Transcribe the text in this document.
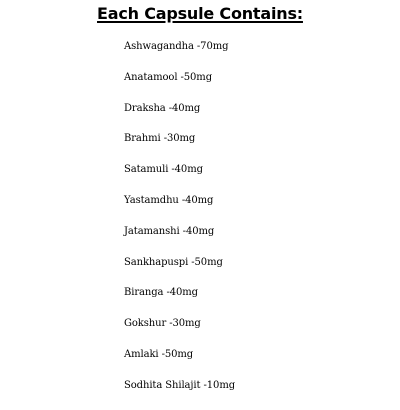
Each Capsule Contains:
Ashwagandha -70mg
Anatamool -50mg
Draksha -40mg
Brahmi -30mg
Satamuli -40mg
Yastamdhu -40mg
Jatamanshi -40mg
Sankhapuspi -50mg
Biranga -40mg
Gokshur -30mg
Amlaki -50mg
Sodhita Shilajit -10mg
